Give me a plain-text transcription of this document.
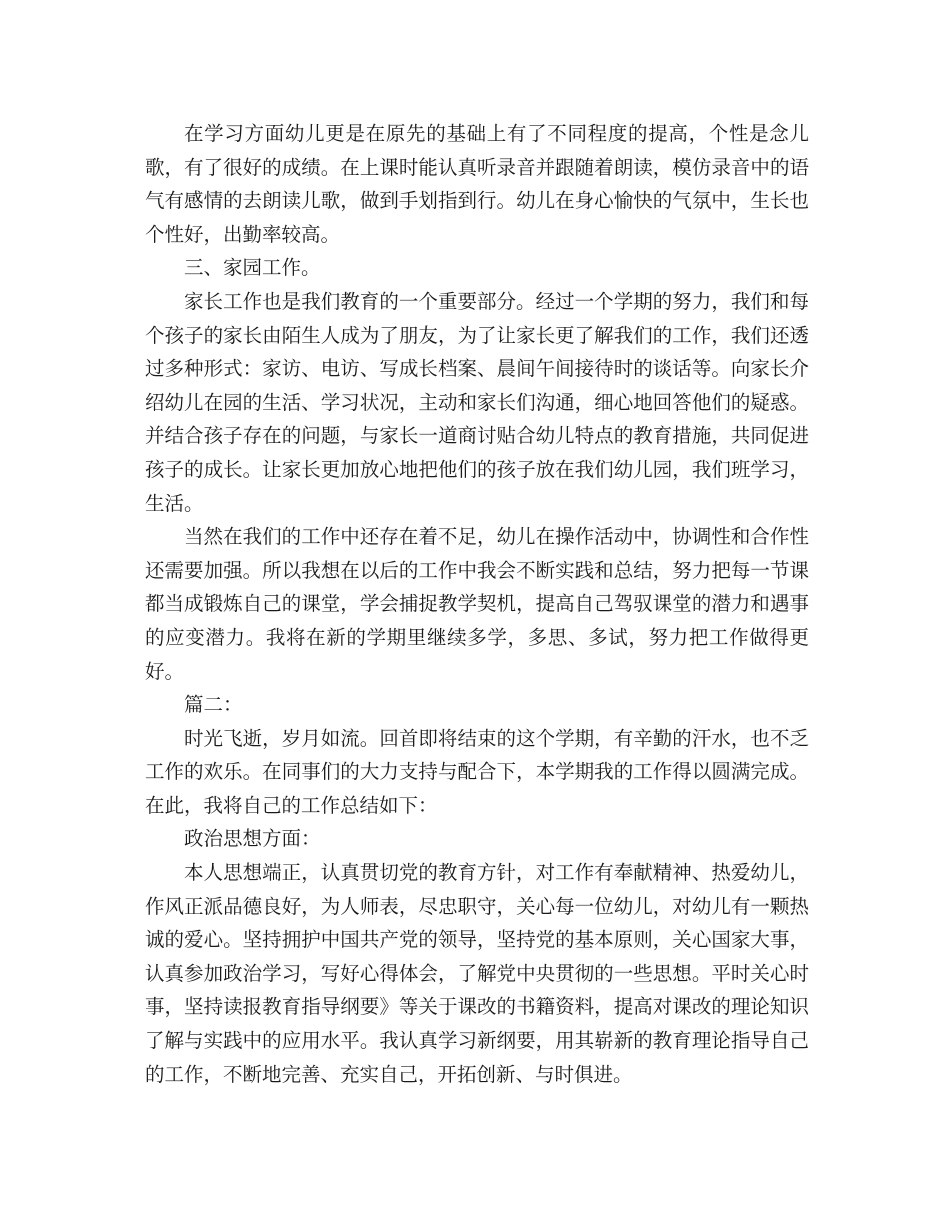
在学习方面幼儿更是在原先的基础上有了不同程度的提高，个性是念儿歌，有了很好的成绩。在上课时能认真听录音并跟随着朗读，模仿录音中的语气有感情的去朗读儿歌，做到手划指到行。幼儿在身心愉快的气氛中，生长也个性好，出勤率较高。

三、家园工作。

家长工作也是我们教育的一个重要部分。经过一个学期的努力，我们和每个孩子的家长由陌生人成为了朋友，为了让家长更了解我们的工作，我们还透过多种形式：家访、电访、写成长档案、晨间午间接待时的谈话等。向家长介绍幼儿在园的生活、学习状况，主动和家长们沟通，细心地回答他们的疑惑。并结合孩子存在的问题，与家长一道商讨贴合幼儿特点的教育措施，共同促进孩子的成长。让家长更加放心地把他们的孩子放在我们幼儿园，我们班学习，生活。

当然在我们的工作中还存在着不足，幼儿在操作活动中，协调性和合作性还需要加强。所以我想在以后的工作中我会不断实践和总结，努力把每一节课都当成锻炼自己的课堂，学会捕捉教学契机，提高自己驾驭课堂的潜力和遇事的应变潜力。我将在新的学期里继续多学，多思、多试，努力把工作做得更好。

篇二：

时光飞逝，岁月如流。回首即将结束的这个学期，有辛勤的汗水，也不乏工作的欢乐。在同事们的大力支持与配合下，本学期我的工作得以圆满完成。在此，我将自己的工作总结如下：

政治思想方面：

本人思想端正，认真贯切党的教育方针，对工作有奉献精神、热爱幼儿，作风正派品德良好，为人师表，尽忠职守，关心每一位幼儿，对幼儿有一颗热诚的爱心。坚持拥护中国共产党的领导，坚持党的基本原则，关心国家大事，认真参加政治学习，写好心得体会，了解党中央贯彻的一些思想。平时关心时事，坚持读报教育指导纲要》等关于课改的书籍资料，提高对课改的理论知识了解与实践中的应用水平。我认真学习新纲要，用其崭新的教育理论指导自己的工作，不断地完善、充实自己，开拓创新、与时俱进。
